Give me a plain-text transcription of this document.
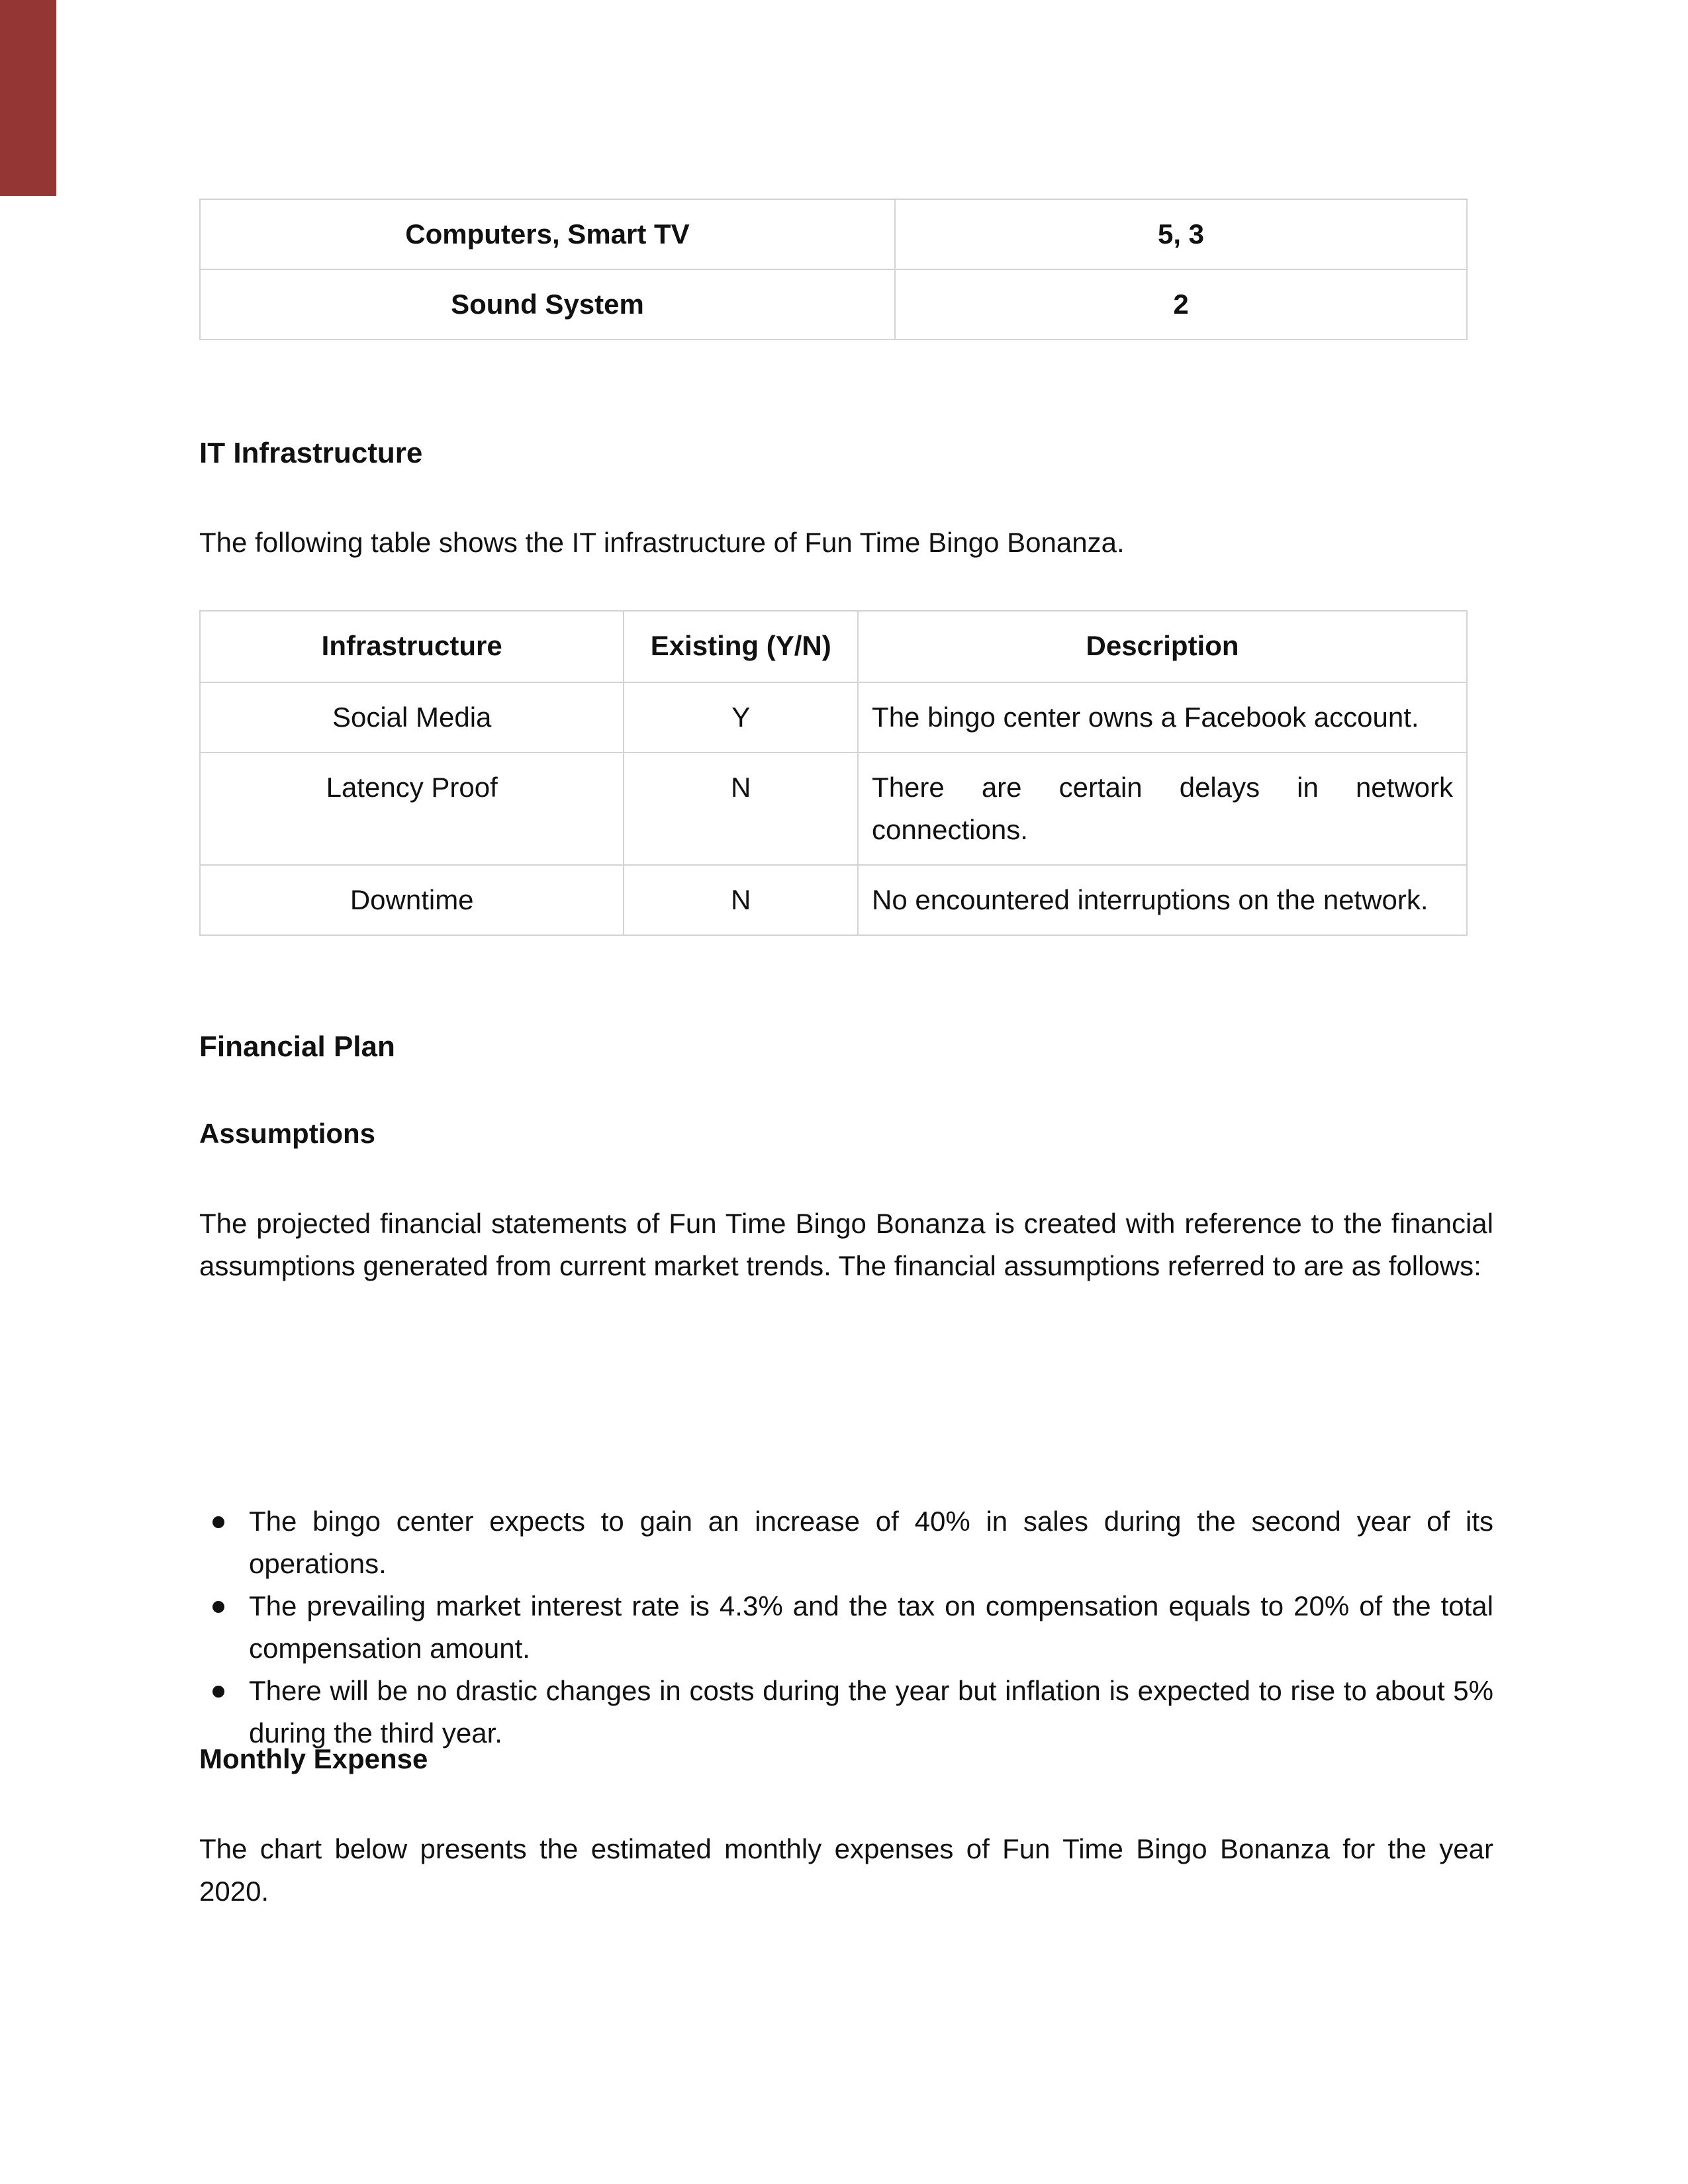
Computers, Smart TV	5, 3
Sound System	2
IT Infrastructure

The following table shows the IT infrastructure of Fun Time Bingo Bonanza.

Infrastructure	Existing (Y/N)	Description
Social Media	Y	The bingo center owns a Facebook account.
Latency Proof	N	There are certain delays in network connections.
Downtime	N	No encountered interruptions on the network.
Financial Plan
Assumptions

The projected financial statements of Fun Time Bingo Bonanza is created with reference to the financial assumptions generated from current market trends. The financial assumptions referred to are as follows:

The bingo center expects to gain an increase of 40% in sales during the second year of its operations.
The prevailing market interest rate is 4.3% and the tax on compensation equals to 20% of the total compensation amount.
There will be no drastic changes in costs during the year but inflation is expected to rise to about 5% during the third year.
Monthly Expense

The chart below presents the estimated monthly expenses of Fun Time Bingo Bonanza for the year 2020.
